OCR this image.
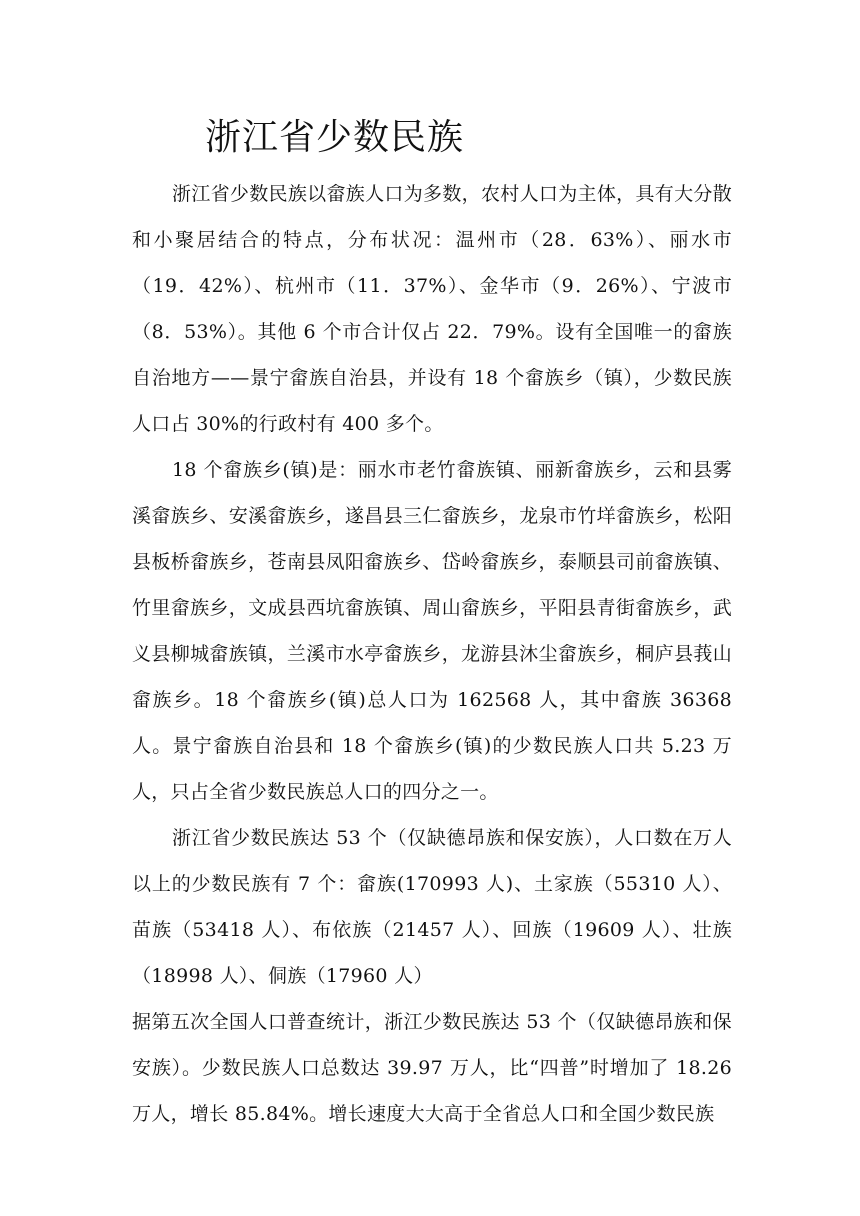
浙江省少数民族

浙江省少数民族以畲族人口为多数，农村人口为主体，具有大分散和小聚居结合的特点，分布状况：温州市（28．63%）、丽水市（19．42%）、杭州市（11．37%）、金华市（9．26%）、宁波市（8．53%）。其他 6 个市合计仅占 22．79%。设有全国唯一的畲族自治地方——景宁畲族自治县，并设有 18 个畲族乡（镇），少数民族人口占 30%的行政村有 400 多个。

18 个畲族乡(镇)是：丽水市老竹畲族镇、丽新畲族乡，云和县雾溪畲族乡、安溪畲族乡，遂昌县三仁畲族乡，龙泉市竹垟畲族乡，松阳县板桥畲族乡，苍南县凤阳畲族乡、岱岭畲族乡，泰顺县司前畲族镇、竹里畲族乡，文成县西坑畲族镇、周山畲族乡，平阳县青街畲族乡，武义县柳城畲族镇，兰溪市水亭畲族乡，龙游县沐尘畲族乡，桐庐县莪山畲族乡。18 个畲族乡(镇)总人口为 162568 人，其中畲族 36368 人。景宁畲族自治县和 18 个畲族乡(镇)的少数民族人口共 5.23 万人，只占全省少数民族总人口的四分之一。

浙江省少数民族达 53 个（仅缺德昂族和保安族），人口数在万人以上的少数民族有 7 个：畲族(170993 人)、土家族（55310 人）、苗族（53418 人）、布依族（21457 人）、回族（19609 人）、壮族（18998 人）、侗族（17960 人）

据第五次全国人口普查统计，浙江少数民族达 53 个（仅缺德昂族和保安族）。少数民族人口总数达 39.97 万人，比“四普”时增加了 18.26 万人，增长 85.84%。增长速度大大高于全省总人口和全国少数民族
